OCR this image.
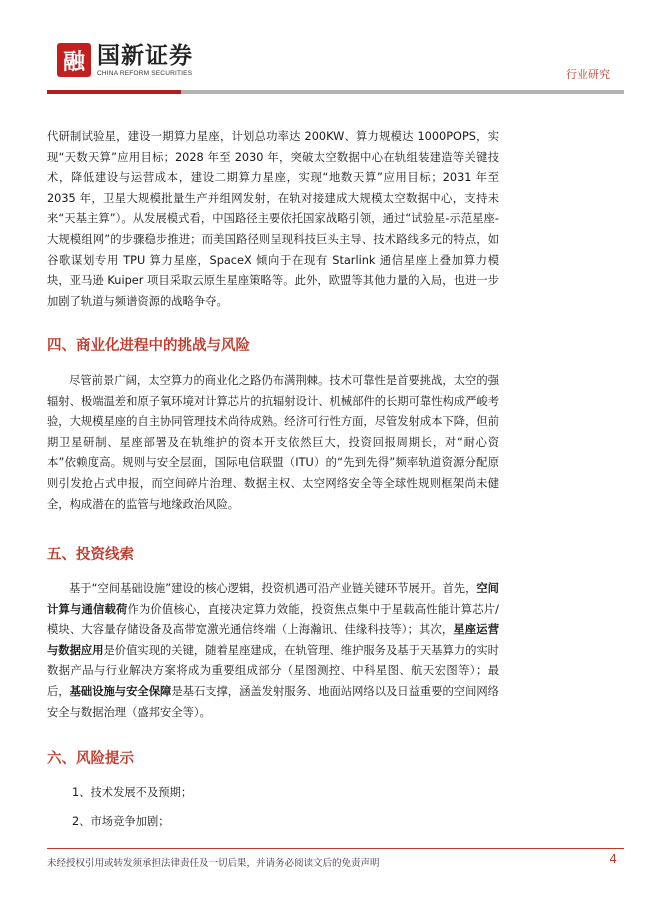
融 国新证券
CHINA REFORM SECURITIES	行业研究

代研制试验星，建设一期算力星座，计划总功率达 200KW、算力规模达 1000POPS，实现“天数天算”应用目标；2028 年至 2030 年，突破太空数据中心在轨组装建造等关键技术，降低建设与运营成本，建设二期算力星座，实现“地数天算”应用目标；2031 年至 2035 年，卫星大规模批量生产并组网发射，在轨对接建成大规模太空数据中心，支持未来“天基主算”）。从发展模式看，中国路径主要依托国家战略引领，通过“试验星-示范星座-大规模组网”的步骤稳步推进；而美国路径则呈现科技巨头主导、技术路线多元的特点，如谷歌谋划专用 TPU 算力星座，SpaceX 倾向于在现有 Starlink 通信星座上叠加算力模块，亚马逊 Kuiper 项目采取云原生星座策略等。此外，欧盟等其他力量的入局，也进一步加剧了轨道与频谱资源的战略争夺。

四、商业化进程中的挑战与风险

尽管前景广阔，太空算力的商业化之路仍布满荆棘。技术可靠性是首要挑战，太空的强辐射、极端温差和原子氧环境对计算芯片的抗辐射设计、机械部件的长期可靠性构成严峻考验，大规模星座的自主协同管理技术尚待成熟。经济可行性方面，尽管发射成本下降，但前期卫星研制、星座部署及在轨维护的资本开支依然巨大，投资回报周期长，对“耐心资本”依赖度高。规则与安全层面，国际电信联盟（ITU）的“先到先得”频率轨道资源分配原则引发抢占式申报，而空间碎片治理、数据主权、太空网络安全等全球性规则框架尚未健全，构成潜在的监管与地缘政治风险。

五、投资线索

基于“空间基础设施”建设的核心逻辑，投资机遇可沿产业链关键环节展开。首先，空间计算与通信载荷作为价值核心，直接决定算力效能，投资焦点集中于星载高性能计算芯片/模块、大容量存储设备及高带宽激光通信终端（上海瀚讯、佳缘科技等）；其次，星座运营与数据应用是价值实现的关键，随着星座建成，在轨管理、维护服务及基于天基算力的实时数据产品与行业解决方案将成为重要组成部分（星图测控、中科星图、航天宏图等）；最后，基础设施与安全保障是基石支撑，涵盖发射服务、地面站网络以及日益重要的空间网络安全与数据治理（盛邦安全等）。

六、风险提示
1、技术发展不及预期；
2、市场竞争加剧；
未经授权引用或转发须承担法律责任及一切后果，并请务必阅读文后的免责声明	4
